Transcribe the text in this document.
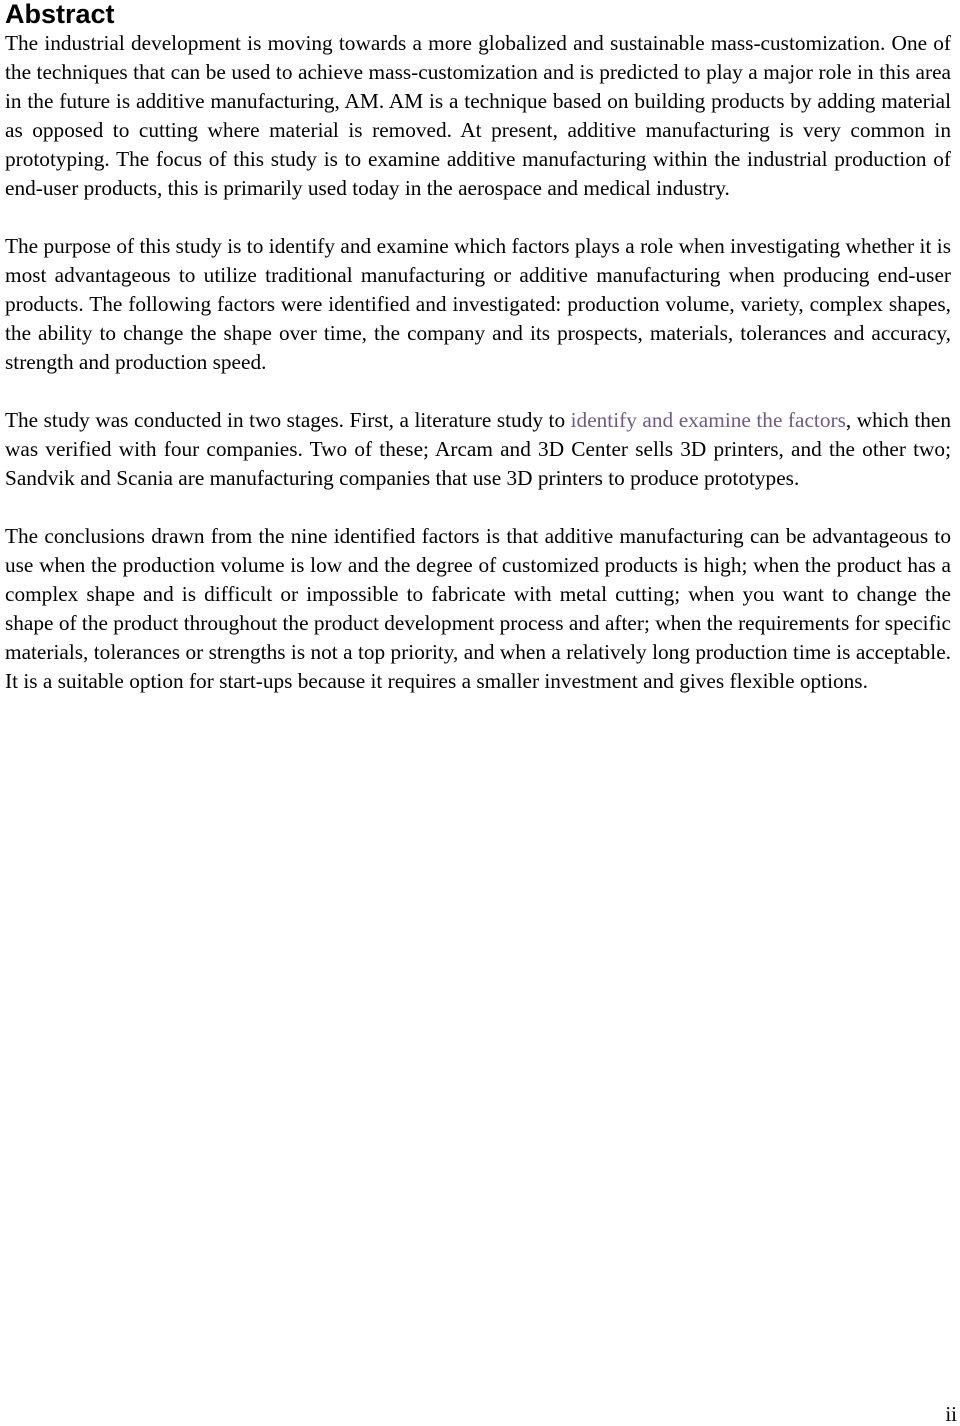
Abstract

The industrial development is moving towards a more globalized and sustainable mass-customization. One of the techniques that can be used to achieve mass-customization and is predicted to play a major role in this area in the future is additive manufacturing, AM. AM is a technique based on building products by adding material as opposed to cutting where material is removed. At present, additive manufacturing is very common in prototyping. The focus of this study is to examine additive manufacturing within the industrial production of end-user products, this is primarily used today in the aerospace and medical industry.

The purpose of this study is to identify and examine which factors plays a role when investigating whether it is most advantageous to utilize traditional manufacturing or additive manufacturing when producing end-user products. The following factors were identified and investigated: production volume, variety, complex shapes, the ability to change the shape over time, the company and its prospects, materials, tolerances and accuracy, strength and production speed.

The study was conducted in two stages. First, a literature study to identify and examine the factors, which then was verified with four companies. Two of these; Arcam and 3D Center sells 3D printers, and the other two; Sandvik and Scania are manufacturing companies that use 3D printers to produce prototypes.

The conclusions drawn from the nine identified factors is that additive manufacturing can be advantageous to use when the production volume is low and the degree of customized products is high; when the product has a complex shape and is difficult or impossible to fabricate with metal cutting; when you want to change the shape of the product throughout the product development process and after; when the requirements for specific materials, tolerances or strengths is not a top priority, and when a relatively long production time is acceptable. It is a suitable option for start-ups because it requires a smaller investment and gives flexible options.

ii
